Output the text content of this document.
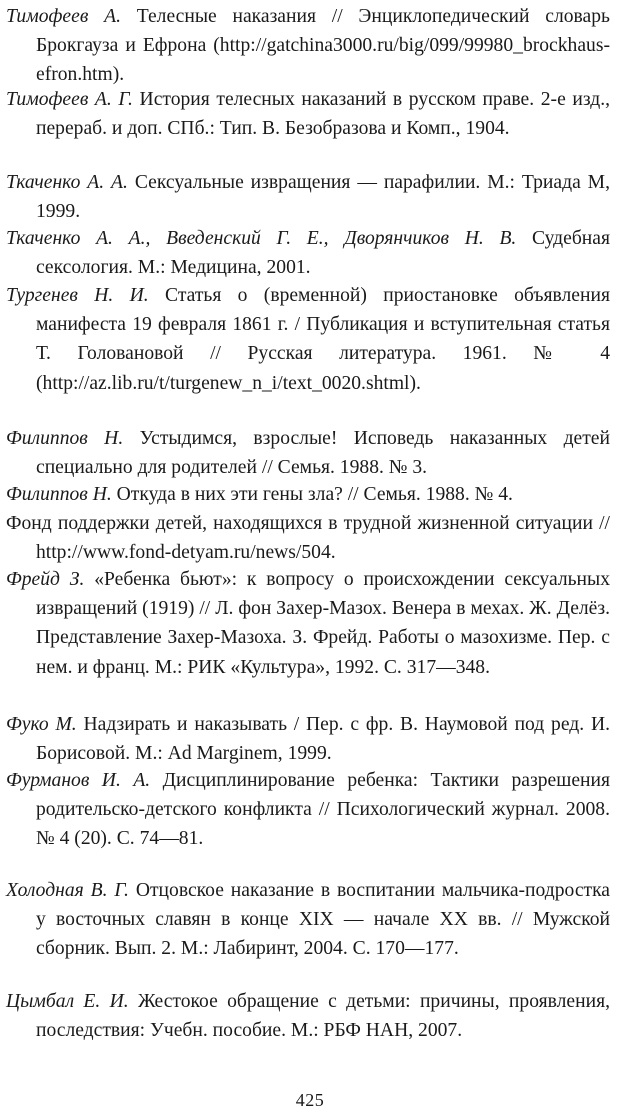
Тимофеев А. Телесные наказания // Энциклопедический словарь Брокгауза и Ефрона (http://gatchina3000.ru/big/099/99980_brockhaus-efron.htm).

Тимофеев А. Г. История телесных наказаний в русском праве. 2-е изд., перераб. и доп. СПб.: Тип. В. Безобразова и Комп., 1904.

Ткаченко А. А. Сексуальные извращения — парафилии. М.: Триада М, 1999.

Ткаченко А. А., Введенский Г. Е., Дворянчиков Н. В. Судебная сексология. М.: Медицина, 2001.

Тургенев Н. И. Статья о (временной) приостановке объявления манифеста 19 февраля 1861 г. / Публикация и вступительная статья Т. Головановой // Русская литература. 1961. № 4 (http://az.lib.ru/t/turgenew_n_i/text_0020.shtml).

Филиппов Н. Устыдимся, взрослые! Исповедь наказанных детей специально для родителей // Семья. 1988. № 3.

Филиппов Н. Откуда в них эти гены зла? // Семья. 1988. № 4.

Фонд поддержки детей, находящихся в трудной жизненной ситуации // http://www.fond-detyam.ru/news/504.

Фрейд З. «Ребенка бьют»: к вопросу о происхождении сексуальных извращений (1919) // Л. фон Захер-Мазох. Венера в мехах. Ж. Делёз. Представление Захер-Мазоха. З. Фрейд. Работы о мазохизме. Пер. с нем. и франц. М.: РИК «Культура», 1992. С. 317—348.

Фуко М. Надзирать и наказывать / Пер. с фр. В. Наумовой под ред. И. Борисовой. М.: Ad Marginem, 1999.

Фурманов И. А. Дисциплинирование ребенка: Тактики разрешения родительско-детского конфликта // Психологический журнал. 2008. № 4 (20). С. 74—81.

Холодная В. Г. Отцовское наказание в воспитании мальчика-подростка у восточных славян в конце XIX — начале XX вв. // Мужской сборник. Вып. 2. М.: Лабиринт, 2004. С. 170—177.

Цымбал Е. И. Жестокое обращение с детьми: причины, проявления, последствия: Учебн. пособие. М.: РБФ НАН, 2007.

425
